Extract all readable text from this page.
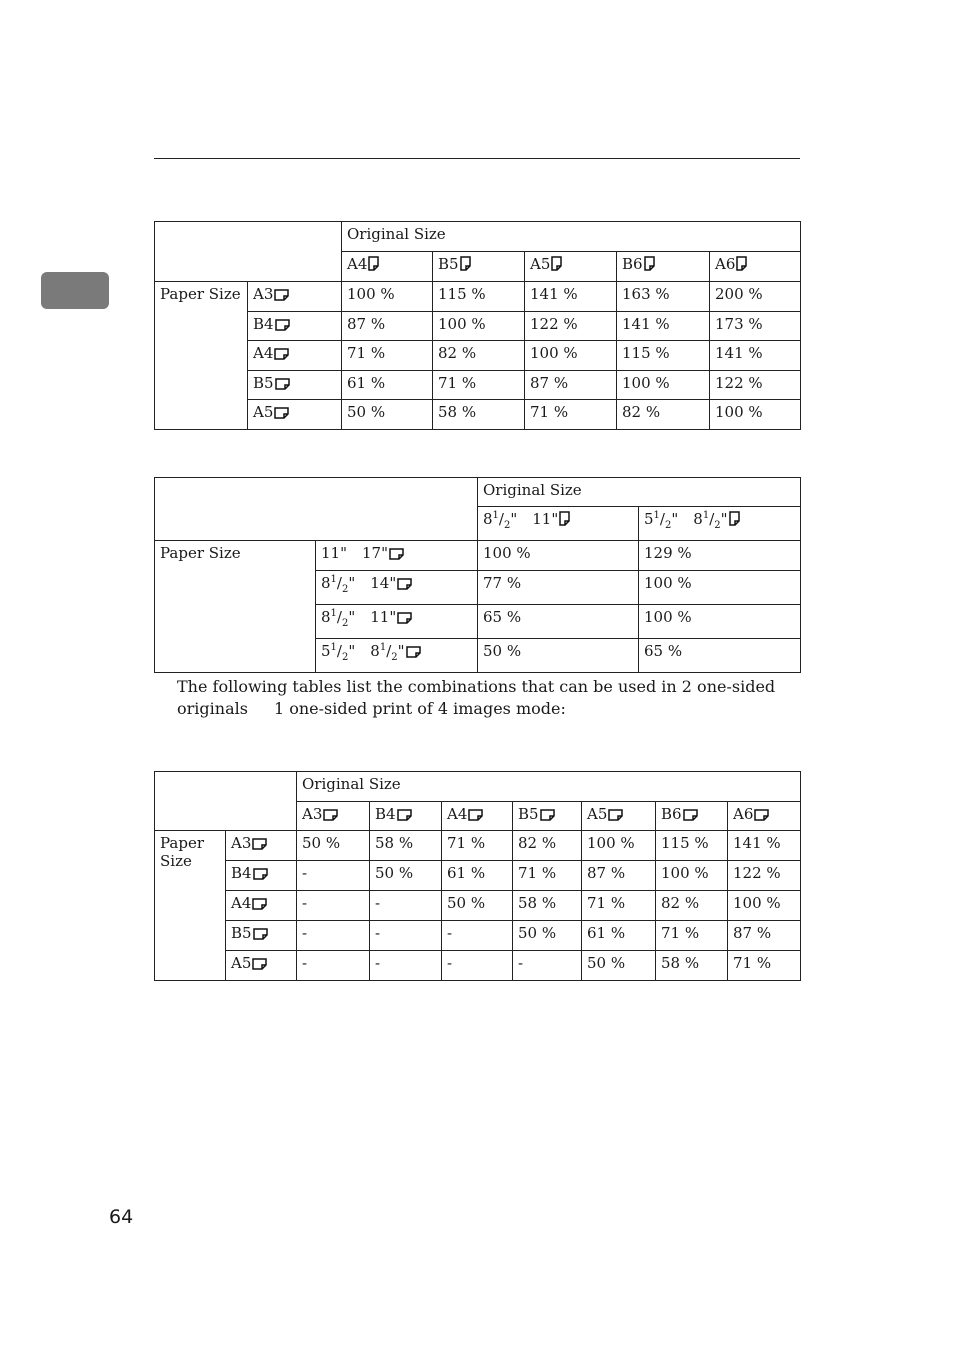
		Original Size				
		A4	B5	A5	B6	A6
Paper Size	A3	100 %	115 %	141 %	163 %	200 %
	B4	87 %	100 %	122 %	141 %	173 %
	A4	71 %	82 %	100 %	115 %	141 %
	B5	61 %	71 %	87 %	100 %	122 %
	A5	50 %	58 %	71 %	82 %	100 %
		Original Size	
		$8^1/_2$" 11"	$5^1/_2$" $8^1/_2$"
Paper Size	11" 17"	100 %	129 %
	$8^1/_2$" 14"	77 %	100 %
	$8^1/_2$" 11"	65 %	100 %
	$5^1/_2$" $8^1/_2$"	50 %	65 %
The following tables list the combinations that can be used in 2 one-sided
originals 1 one-sided print of 4 images mode:
		Original Size						
		A3	B4	A4	B5	A5	B6	A6
Paper
Size	A3	50 %	58 %	71 %	82 %	100 %	115 %	141 %
	B4	-	50 %	61 %	71 %	87 %	100 %	122 %
	A4	-	-	50 %	58 %	71 %	82 %	100 %
	B5	-	-	-	50 %	61 %	71 %	87 %
	A5	-	-	-	-	50 %	58 %	71 %
64
